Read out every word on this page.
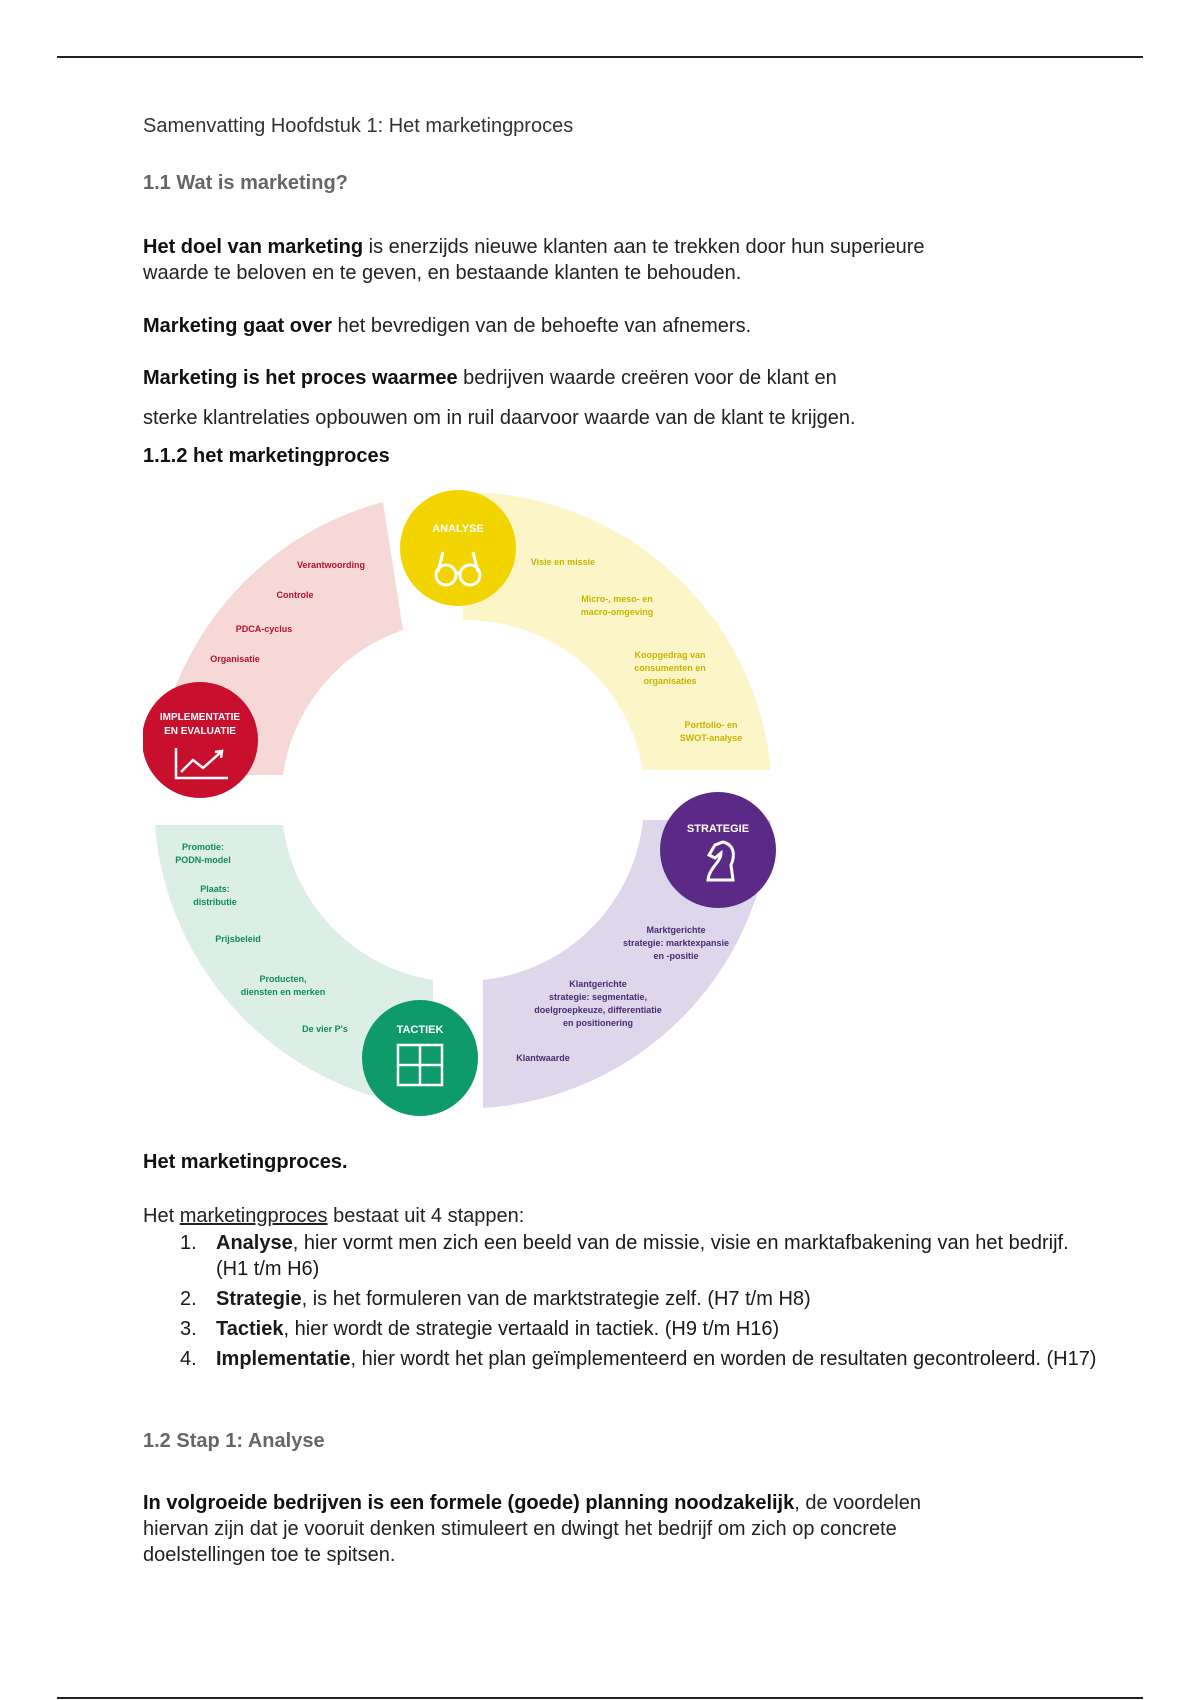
Samenvatting Hoofdstuk 1: Het marketingproces
1.1 Wat is marketing?
Het doel van marketing is enerzijds nieuwe klanten aan te trekken door hun superieure
waarde te beloven en te geven, en bestaande klanten te behouden.
Marketing gaat over het bevredigen van de behoefte van afnemers.
Marketing is het proces waarmee bedrijven waarde creëren voor de klant en
sterke klantrelaties opbouwen om in ruil daarvoor waarde van de klant te krijgen.
1.1.2 het marketingproces
ANALYSE
STRATEGIE
TACTIEK
IMPLEMENTATIE
EN EVALUATIE
Visie en missie
Micro-, meso- en
macro-omgeving
Koopgedrag van
consumenten en
organisaties
Portfolio- en
SWOT-analyse
Verantwoording
Controle
PDCA-cyclus
Organisatie
Promotie:
PODN-model
Plaats:
distributie
Prijsbeleid
Producten,
diensten en merken
De vier P's
Marktgerichte
strategie: marktexpansie
en -positie
Klantgerichte
strategie: segmentatie,
doelgroepkeuze, differentiatie
en positionering
Klantwaarde
Het marketingproces.
Het marketingproces bestaat uit 4 stappen:
1. Analyse, hier vormt men zich een beeld van de missie, visie en marktafbakening van het bedrijf. (H1 t/m H6)
2. Strategie, is het formuleren van de marktstrategie zelf. (H7 t/m H8)
3. Tactiek, hier wordt de strategie vertaald in tactiek. (H9 t/m H16)
4. Implementatie, hier wordt het plan geïmplementeerd en worden de resultaten gecontroleerd. (H17)
1.2 Stap 1: Analyse
In volgroeide bedrijven is een formele (goede) planning noodzakelijk, de voordelen
hiervan zijn dat je vooruit denken stimuleert en dwingt het bedrijf om zich op concrete
doelstellingen toe te spitsen.
